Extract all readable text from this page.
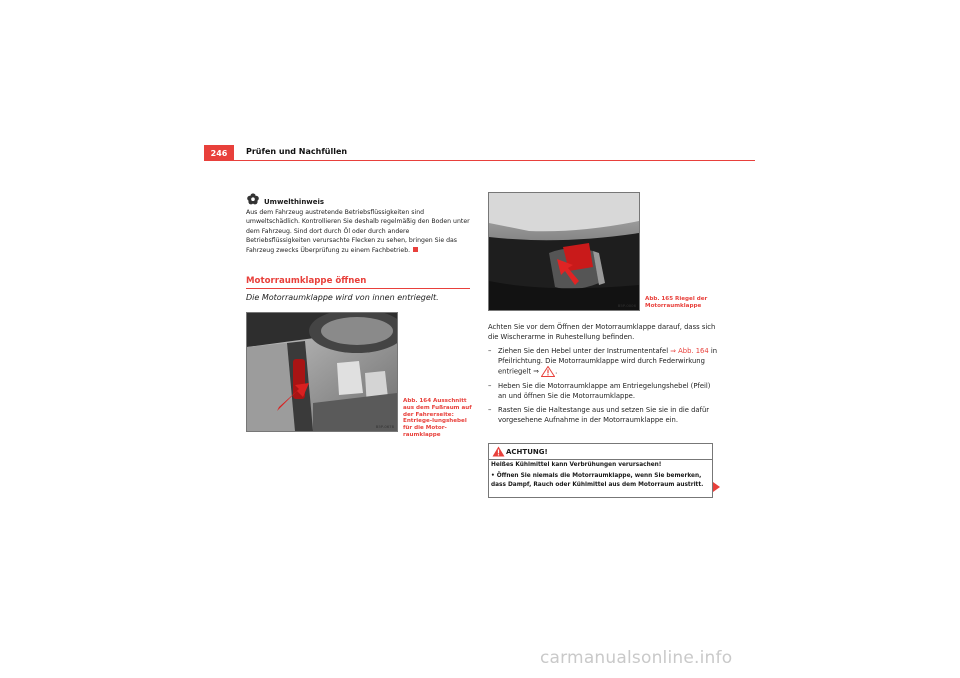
246	Prüfen und Nachfüllen
Umwelthinweis
Aus dem Fahrzeug austretende Betriebsflüssigkeiten sind umweltschädlich. Kontrollieren Sie deshalb regelmäßig den Boden unter dem Fahrzeug. Sind dort durch Öl oder durch andere Betriebsflüssigkeiten verursachte Flecken zu sehen, bringen Sie das Fahrzeug zwecks Überprüfung zu einem Fachbetrieb.
Motorraumklappe öffnen
Die Motorraumklappe wird von innen entriegelt.
B5P-0678
Abb. 164 Ausschnitt aus dem Fußraum auf der Fahrerseite: Entriege-lungshebel für die Motor-raumklappe
B5P-0006
Abb. 165 Riegel der Motorraumklappe

Achten Sie vor dem Öffnen der Motorraumklappe darauf, dass sich die Wischerarme in Ruhestellung befinden.

– Ziehen Sie den Hebel unter der Instrumententafel ⇒ Abb. 164 in Pfeilrichtung. Die Motorraumklappe wird durch Federwirkung entriegelt ⇒ .
– Heben Sie die Motorraumklappe am Entriegelungshebel (Pfeil) an und öffnen Sie die Motorraumklappe.
– Rasten Sie die Haltestange aus und setzen Sie sie in die dafür vorgesehene Aufnahme in der Motorraumklappe ein.
ACHTUNG!
Heißes Kühlmittel kann Verbrühungen verursachen!
• Öffnen Sie niemals die Motorraumklappe, wenn Sie bemerken, dass Dampf, Rauch oder Kühlmittel aus dem Motorraum austritt.
carmanualsonline.info
